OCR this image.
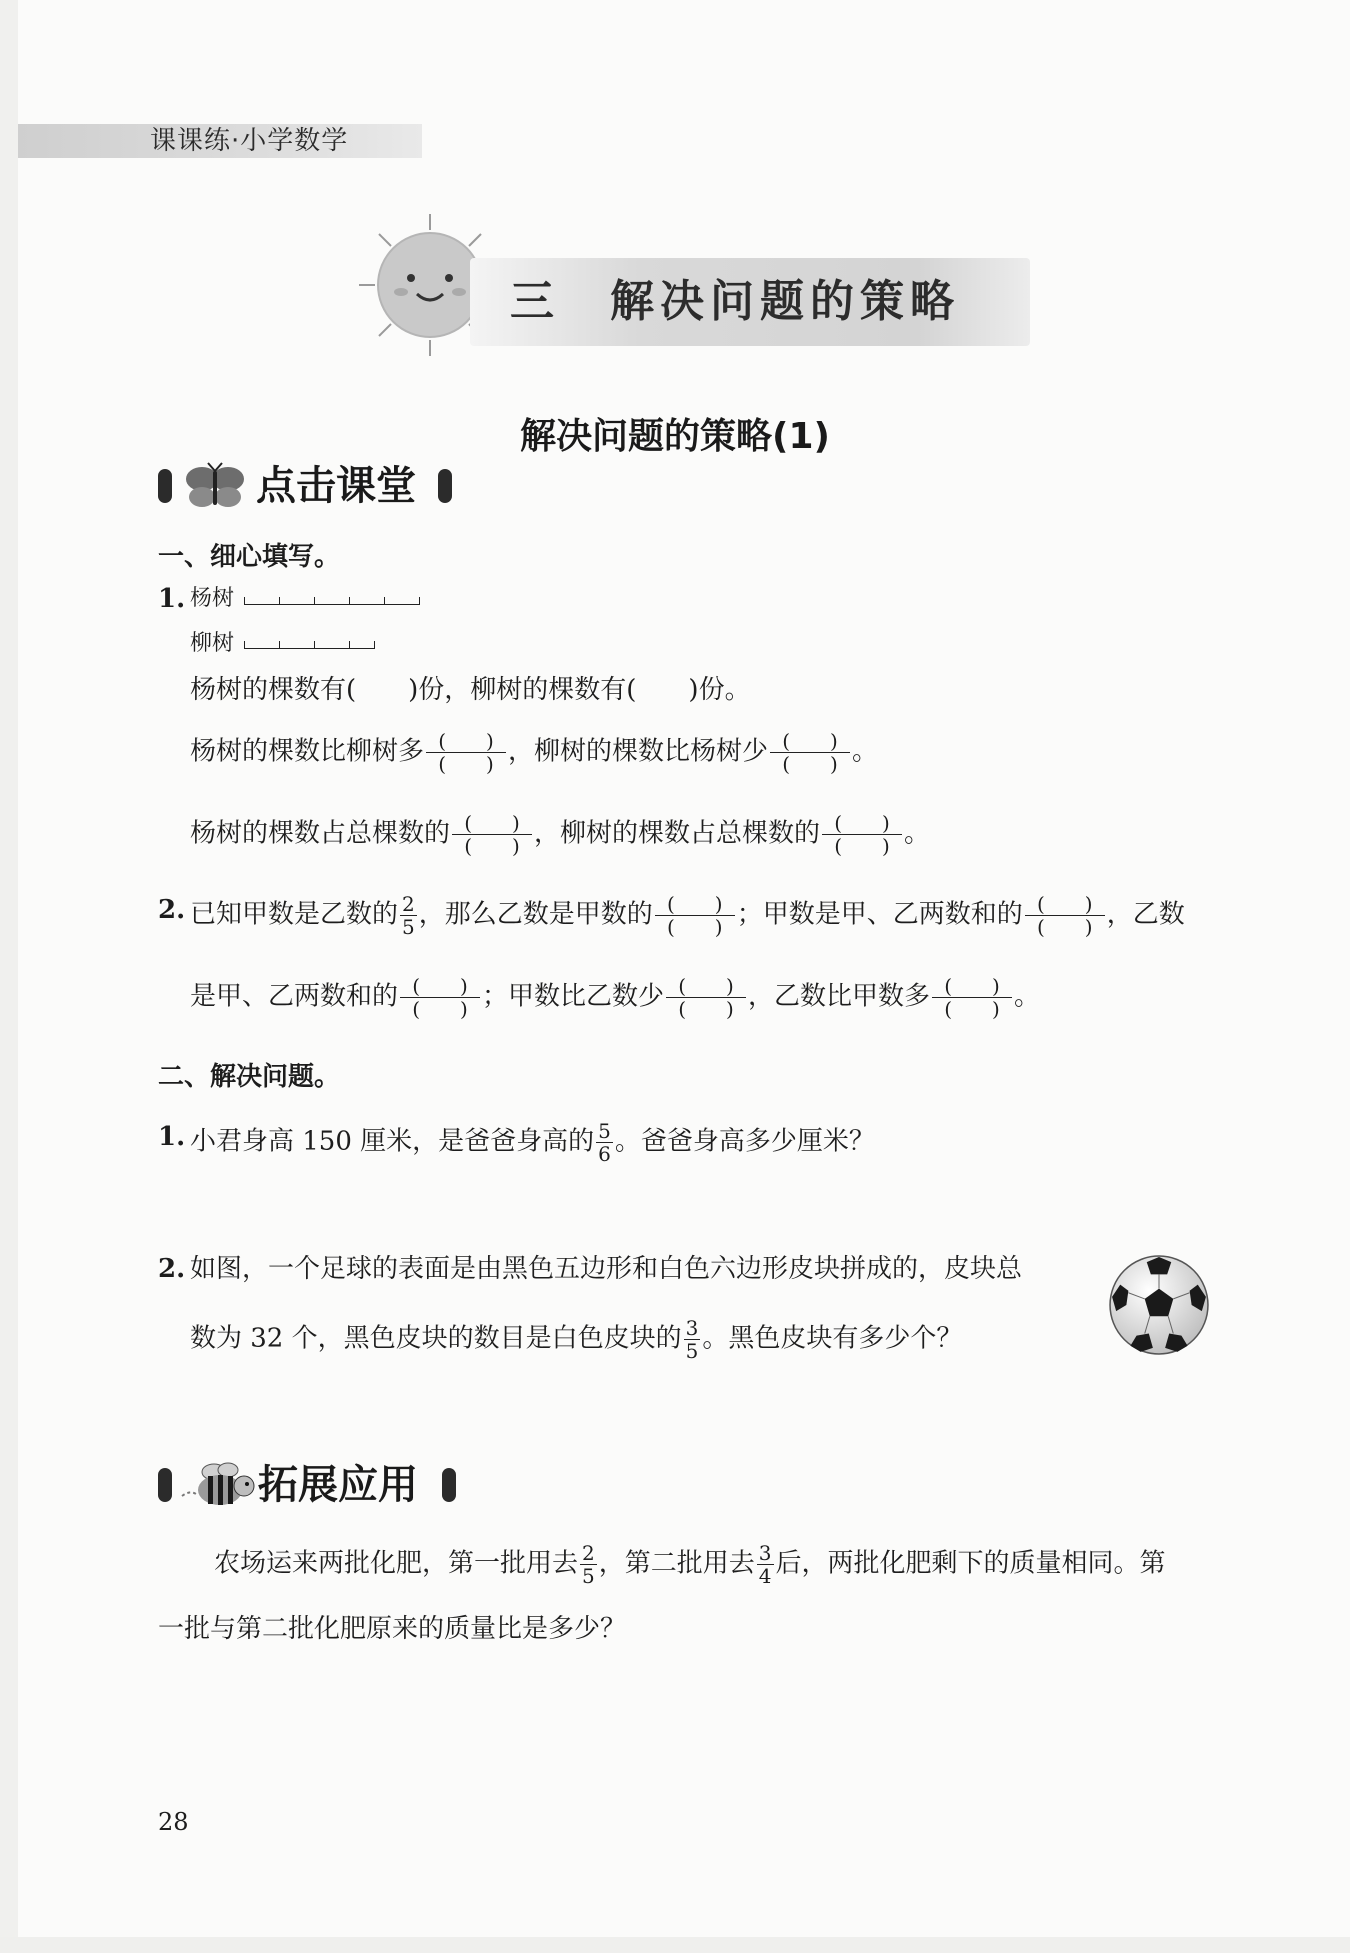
课课练·小学数学
三　解决问题的策略
解决问题的策略(1)
点击课堂
一、细心填写。
1. 杨树
柳树
杨树的棵数有(　　)份，柳树的棵数有(　　)份。
杨树的棵数比柳树多 $\frac{( )}{( )}$ ，柳树的棵数比杨树少 $\frac{( )}{( )}$ 。
杨树的棵数占总棵数的 $\frac{( )}{( )}$ ，柳树的棵数占总棵数的 $\frac{( )}{( )}$ 。
2. 已知甲数是乙数的 $\frac{2}{5}$ ，那么乙数是甲数的 $\frac{( )}{( )}$ ；甲数是甲、乙两数和的 $\frac{( )}{( )}$ ，乙数
是甲、乙两数和的 $\frac{( )}{( )}$ ；甲数比乙数少 $\frac{( )}{( )}$ ，乙数比甲数多 $\frac{( )}{( )}$ 。
二、解决问题。
1. 小君身高 150 厘米，是爸爸身高的 $\frac{5}{6}$ 。爸爸身高多少厘米？
2. 如图，一个足球的表面是由黑色五边形和白色六边形皮块拼成的，皮块总
数为 32 个，黑色皮块的数目是白色皮块的 $\frac{3}{5}$ 。黑色皮块有多少个？
拓展应用
农场运来两批化肥，第一批用去 $\frac{2}{5}$ ，第二批用去 $\frac{3}{4}$ 后，两批化肥剩下的质量相同。第
一批与第二批化肥原来的质量比是多少？
28
